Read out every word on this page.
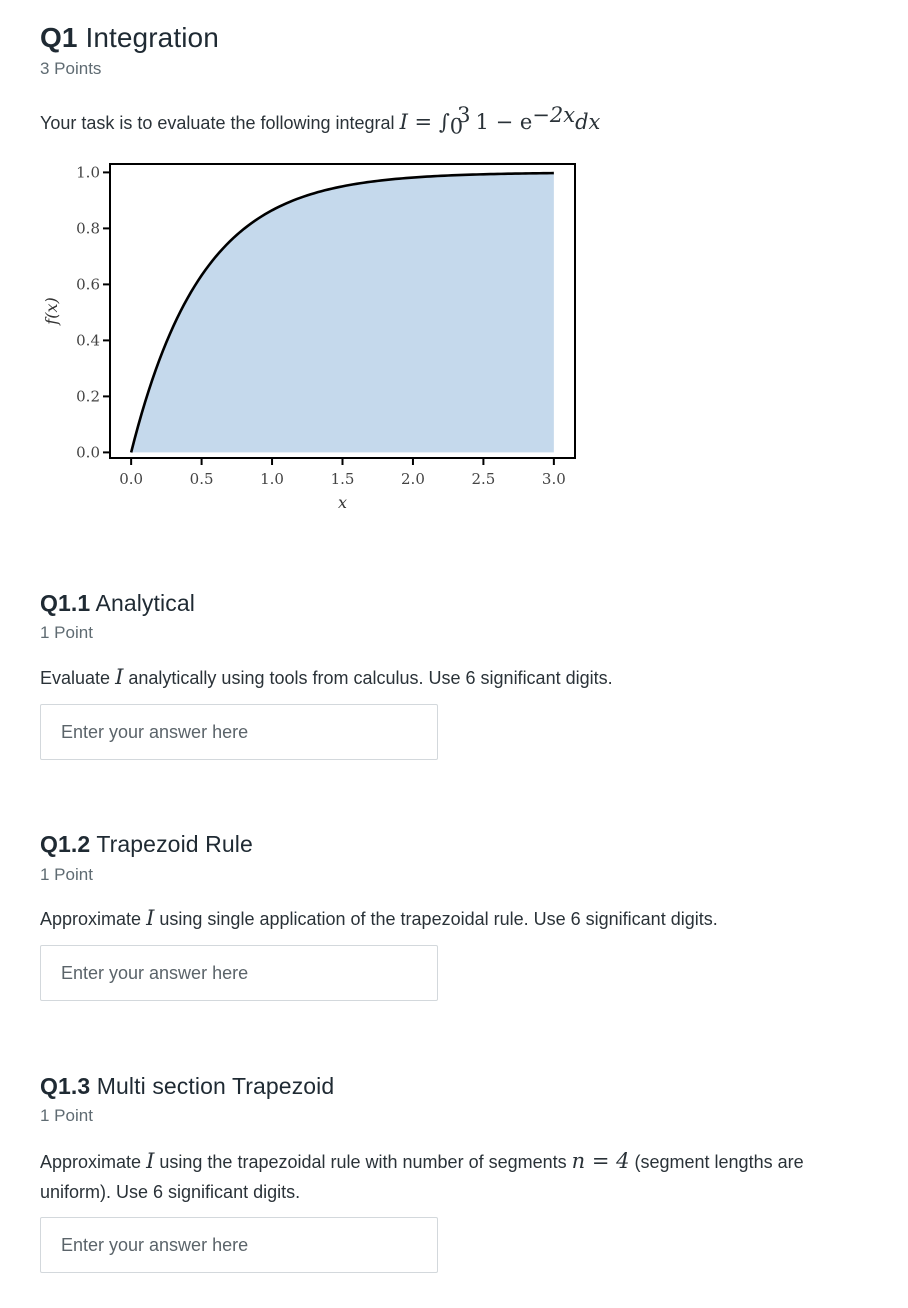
Q1 Integration

3 Points

Your task is to evaluate the following integral $I = \int_0^3$ $1 - e^{-2x}dx$

0.0
0.2
0.4
0.6
0.8
1.0
0.0	0.5	1.0	1.5	2.0	2.5	3.0
x
f(x)
Q1.1 Analytical

1 Point

Evaluate I analytically using tools from calculus. Use 6 significant digits.

Enter your answer here
Q1.2 Trapezoid Rule

1 Point

Approximate I using single application of the trapezoidal rule. Use 6 significant digits.

Enter your answer here
Q1.3 Multi section Trapezoid

1 Point

Approximate I using the trapezoidal rule with number of segments n = 4 (segment lengths are uniform). Use 6 significant digits.

Enter your answer here
